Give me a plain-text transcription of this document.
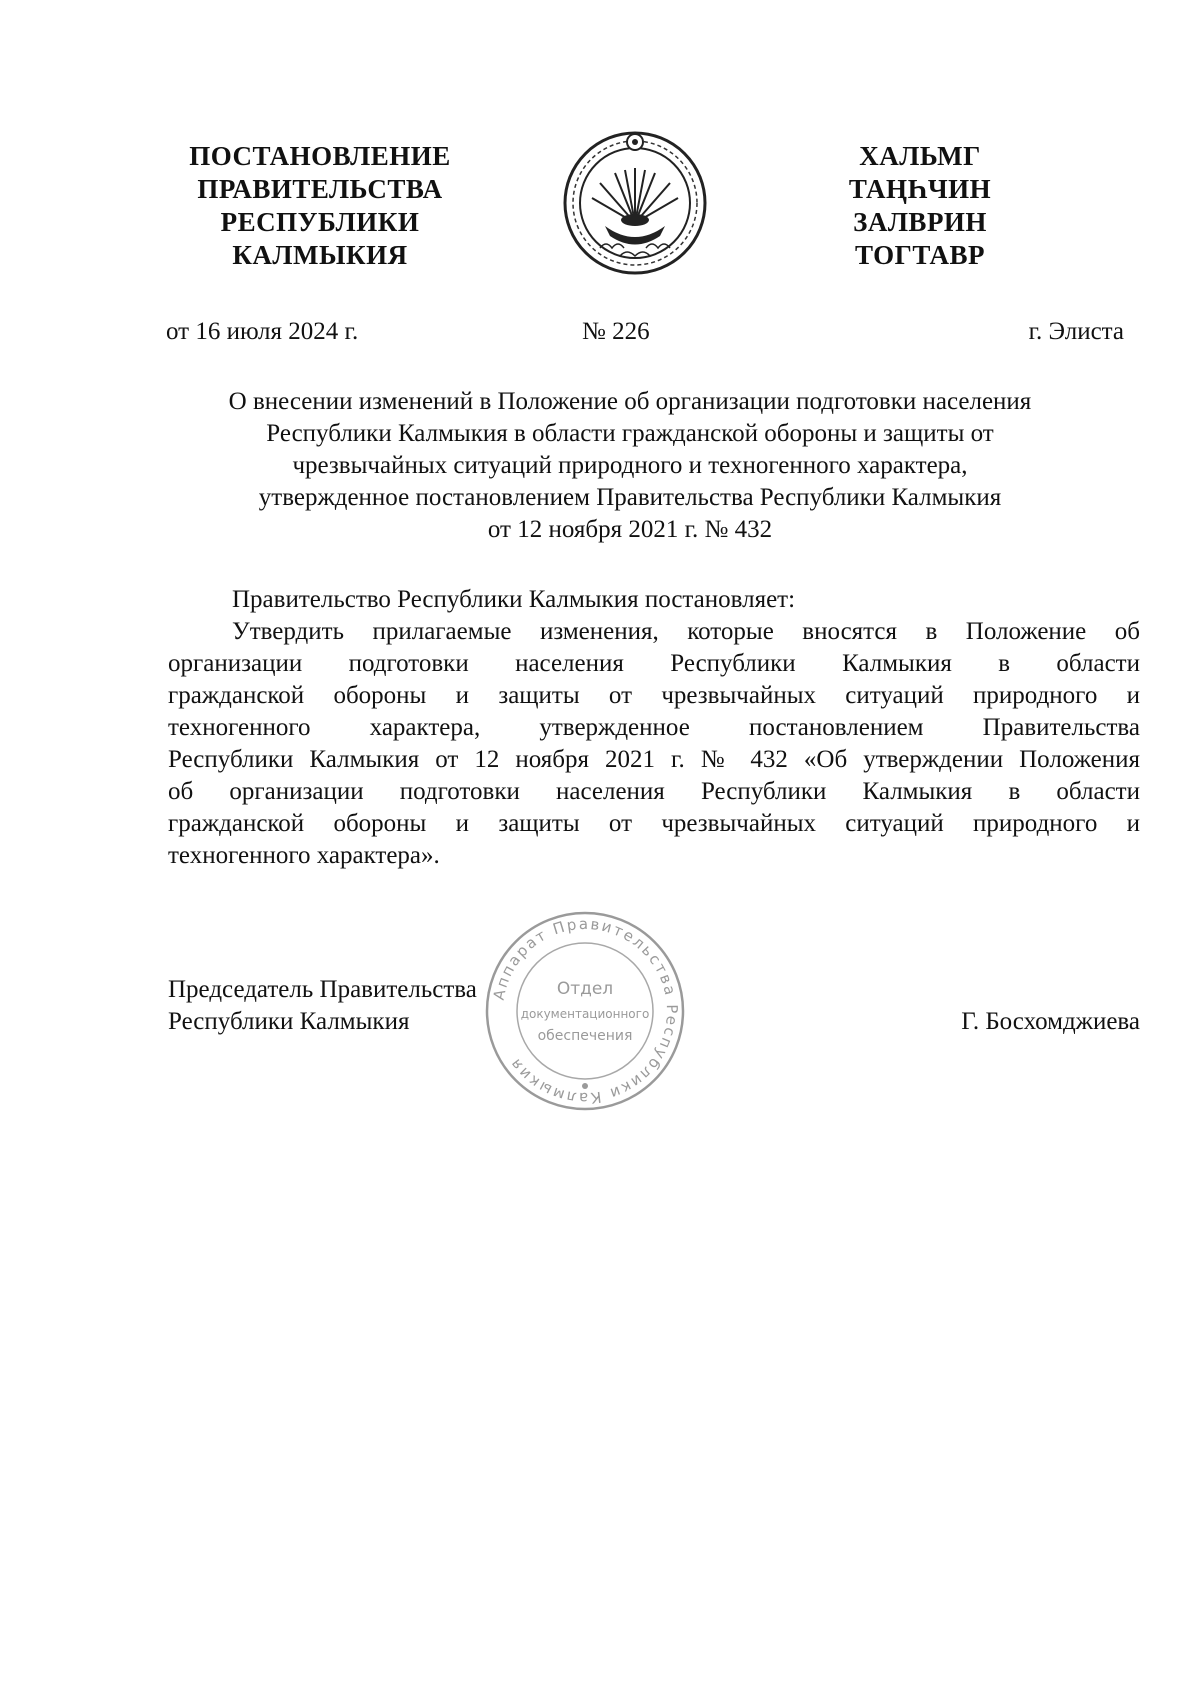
ПОСТАНОВЛЕНИЕ
ПРАВИТЕЛЬСТВА
РЕСПУБЛИКИ
КАЛМЫКИЯ
ХАЛЬМГ
ТАҢҺЧИН
ЗАЛВРИН
ТОГТАВР
от 16 июля 2024 г.	№ 226	г. Элиста
О внесении изменений в Положение об организации подготовки населения
Республики Калмыкия в области гражданской обороны и защиты от
чрезвычайных ситуаций природного и техногенного характера,
утвержденное постановлением Правительства Республики Калмыкия
от 12 ноября 2021 г. № 432
Правительство Республики Калмыкия постановляет:
Утвердить прилагаемые изменения, которые вносятся в Положение об
организации подготовки населения Республики Калмыкия в области
гражданской обороны и защиты от чрезвычайных ситуаций природного и
техногенного характера, утвержденное постановлением Правительства
Республики Калмыкия от 12 ноября 2021 г. № 432 «Об утверждении Положения
об организации подготовки населения Республики Калмыкия в области
гражданской обороны и защиты от чрезвычайных ситуаций природного и
техногенного характера».
Аппарат Правительства Республики Калмыкия
Отдел
документационного
обеспечения
Председатель Правительства
Республики Калмыкия	Г. Босхомджиева
